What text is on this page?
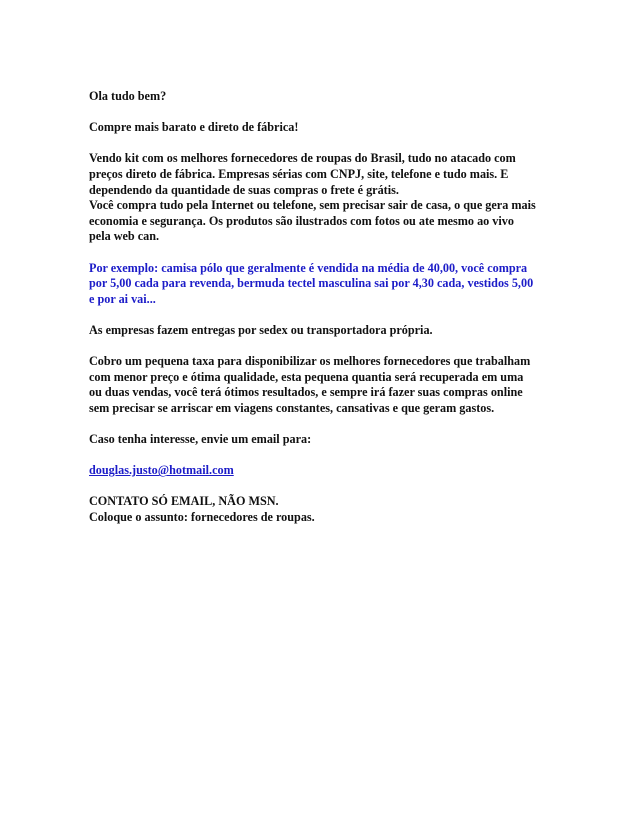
Ola tudo bem?

Compre mais barato e direto de fábrica!

Vendo kit com os melhores fornecedores de roupas do Brasil, tudo no atacado com
preços direto de fábrica. Empresas sérias com CNPJ, site, telefone e tudo mais. E
dependendo da quantidade de suas compras o frete é grátis.
Você compra tudo pela Internet ou telefone, sem precisar sair de casa, o que gera mais
economia e segurança. Os produtos são ilustrados com fotos ou ate mesmo ao vivo
pela web can.

Por exemplo: camisa pólo que geralmente é vendida na média de 40,00, você compra
por 5,00 cada para revenda, bermuda tectel masculina sai por 4,30 cada, vestidos 5,00
e por ai vai...

As empresas fazem entregas por sedex ou transportadora própria.

Cobro um pequena taxa para disponibilizar os melhores fornecedores que trabalham
com menor preço e ótima qualidade, esta pequena quantia será recuperada em uma
ou duas vendas, você terá ótimos resultados, e sempre irá fazer suas compras online
sem precisar se arriscar em viagens constantes, cansativas e que geram gastos.

Caso tenha interesse, envie um email para:

douglas.justo@hotmail.com

CONTATO SÓ EMAIL, NÃO MSN.
Coloque o assunto: fornecedores de roupas.
